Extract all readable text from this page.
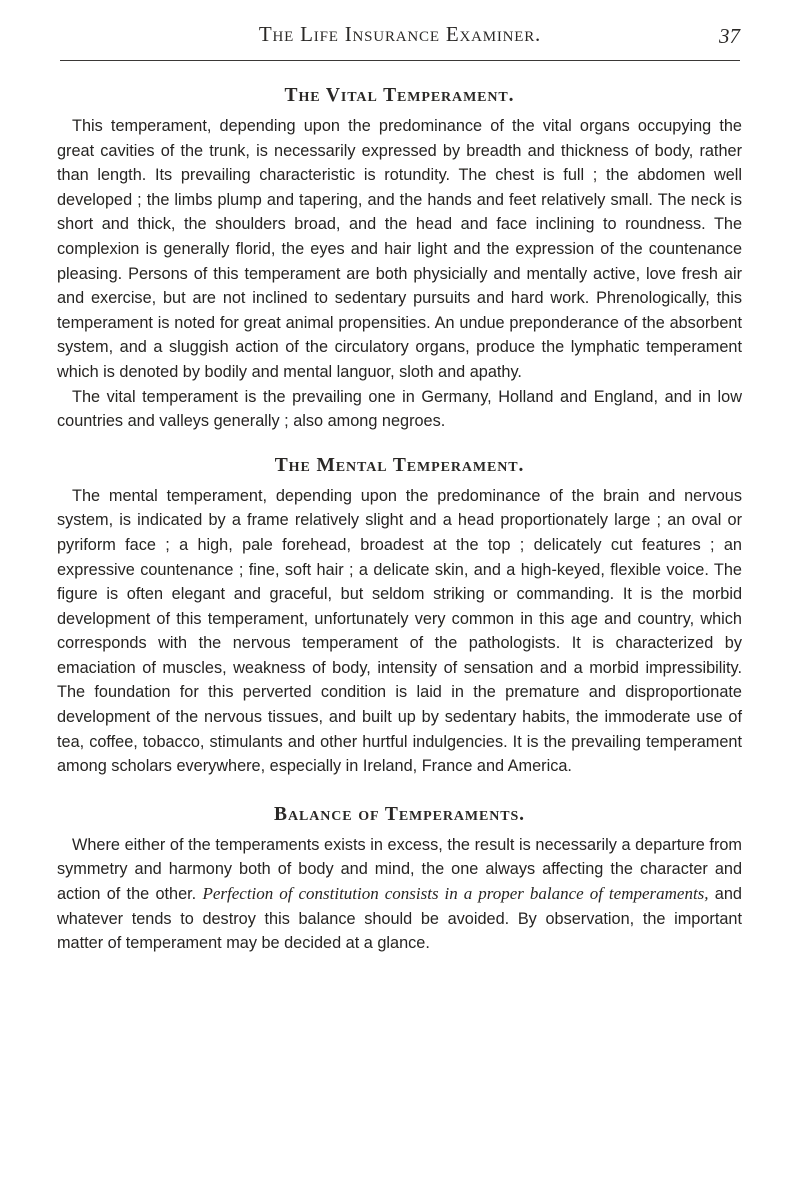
The Life Insurance Examiner.	37
The Vital Temperament.

This temperament, depending upon the predominance of the vital organs occupying the great cavities of the trunk, is necessarily expressed by breadth and thickness of body, rather than length. Its prevailing characteristic is rotundity. The chest is full ; the abdomen well developed ; the limbs plump and tapering, and the hands and feet relatively small. The neck is short and thick, the shoulders broad, and the head and face inclining to roundness. The complexion is generally florid, the eyes and hair light and the expression of the countenance pleasing. Persons of this temperament are both physicially and mentally active, love fresh air and exercise, but are not inclined to sedentary pursuits and hard work. Phrenologically, this temperament is noted for great animal propensities. An undue preponderance of the absorbent system, and a sluggish action of the circulatory organs, produce the lymphatic temperament which is denoted by bodily and mental languor, sloth and apathy.

The vital temperament is the prevailing one in Germany, Holland and England, and in low countries and valleys generally ; also among negroes.

The Mental Temperament.

The mental temperament, depending upon the predominance of the brain and nervous system, is indicated by a frame relatively slight and a head proportionately large ; an oval or pyriform face ; a high, pale forehead, broadest at the top ; delicately cut features ; an expressive countenance ; fine, soft hair ; a delicate skin, and a high-keyed, flexible voice. The figure is often elegant and graceful, but seldom striking or commanding. It is the morbid development of this temperament, unfortunately very common in this age and country, which corresponds with the nervous temperament of the pathologists. It is characterized by emaciation of muscles, weakness of body, intensity of sensation and a morbid impressibility. The foundation for this perverted condition is laid in the premature and disproportionate development of the nervous tissues, and built up by sedentary habits, the immoderate use of tea, coffee, tobacco, stimulants and other hurtful indulgencies. It is the prevailing temperament among scholars everywhere, especially in Ireland, France and America.

Balance of Temperaments.

Where either of the temperaments exists in excess, the result is necessarily a departure from symmetry and harmony both of body and mind, the one always affecting the character and action of the other. Perfection of constitution consists in a proper balance of temperaments, and whatever tends to destroy this balance should be avoided. By observation, the important matter of temperament may be decided at a glance.
